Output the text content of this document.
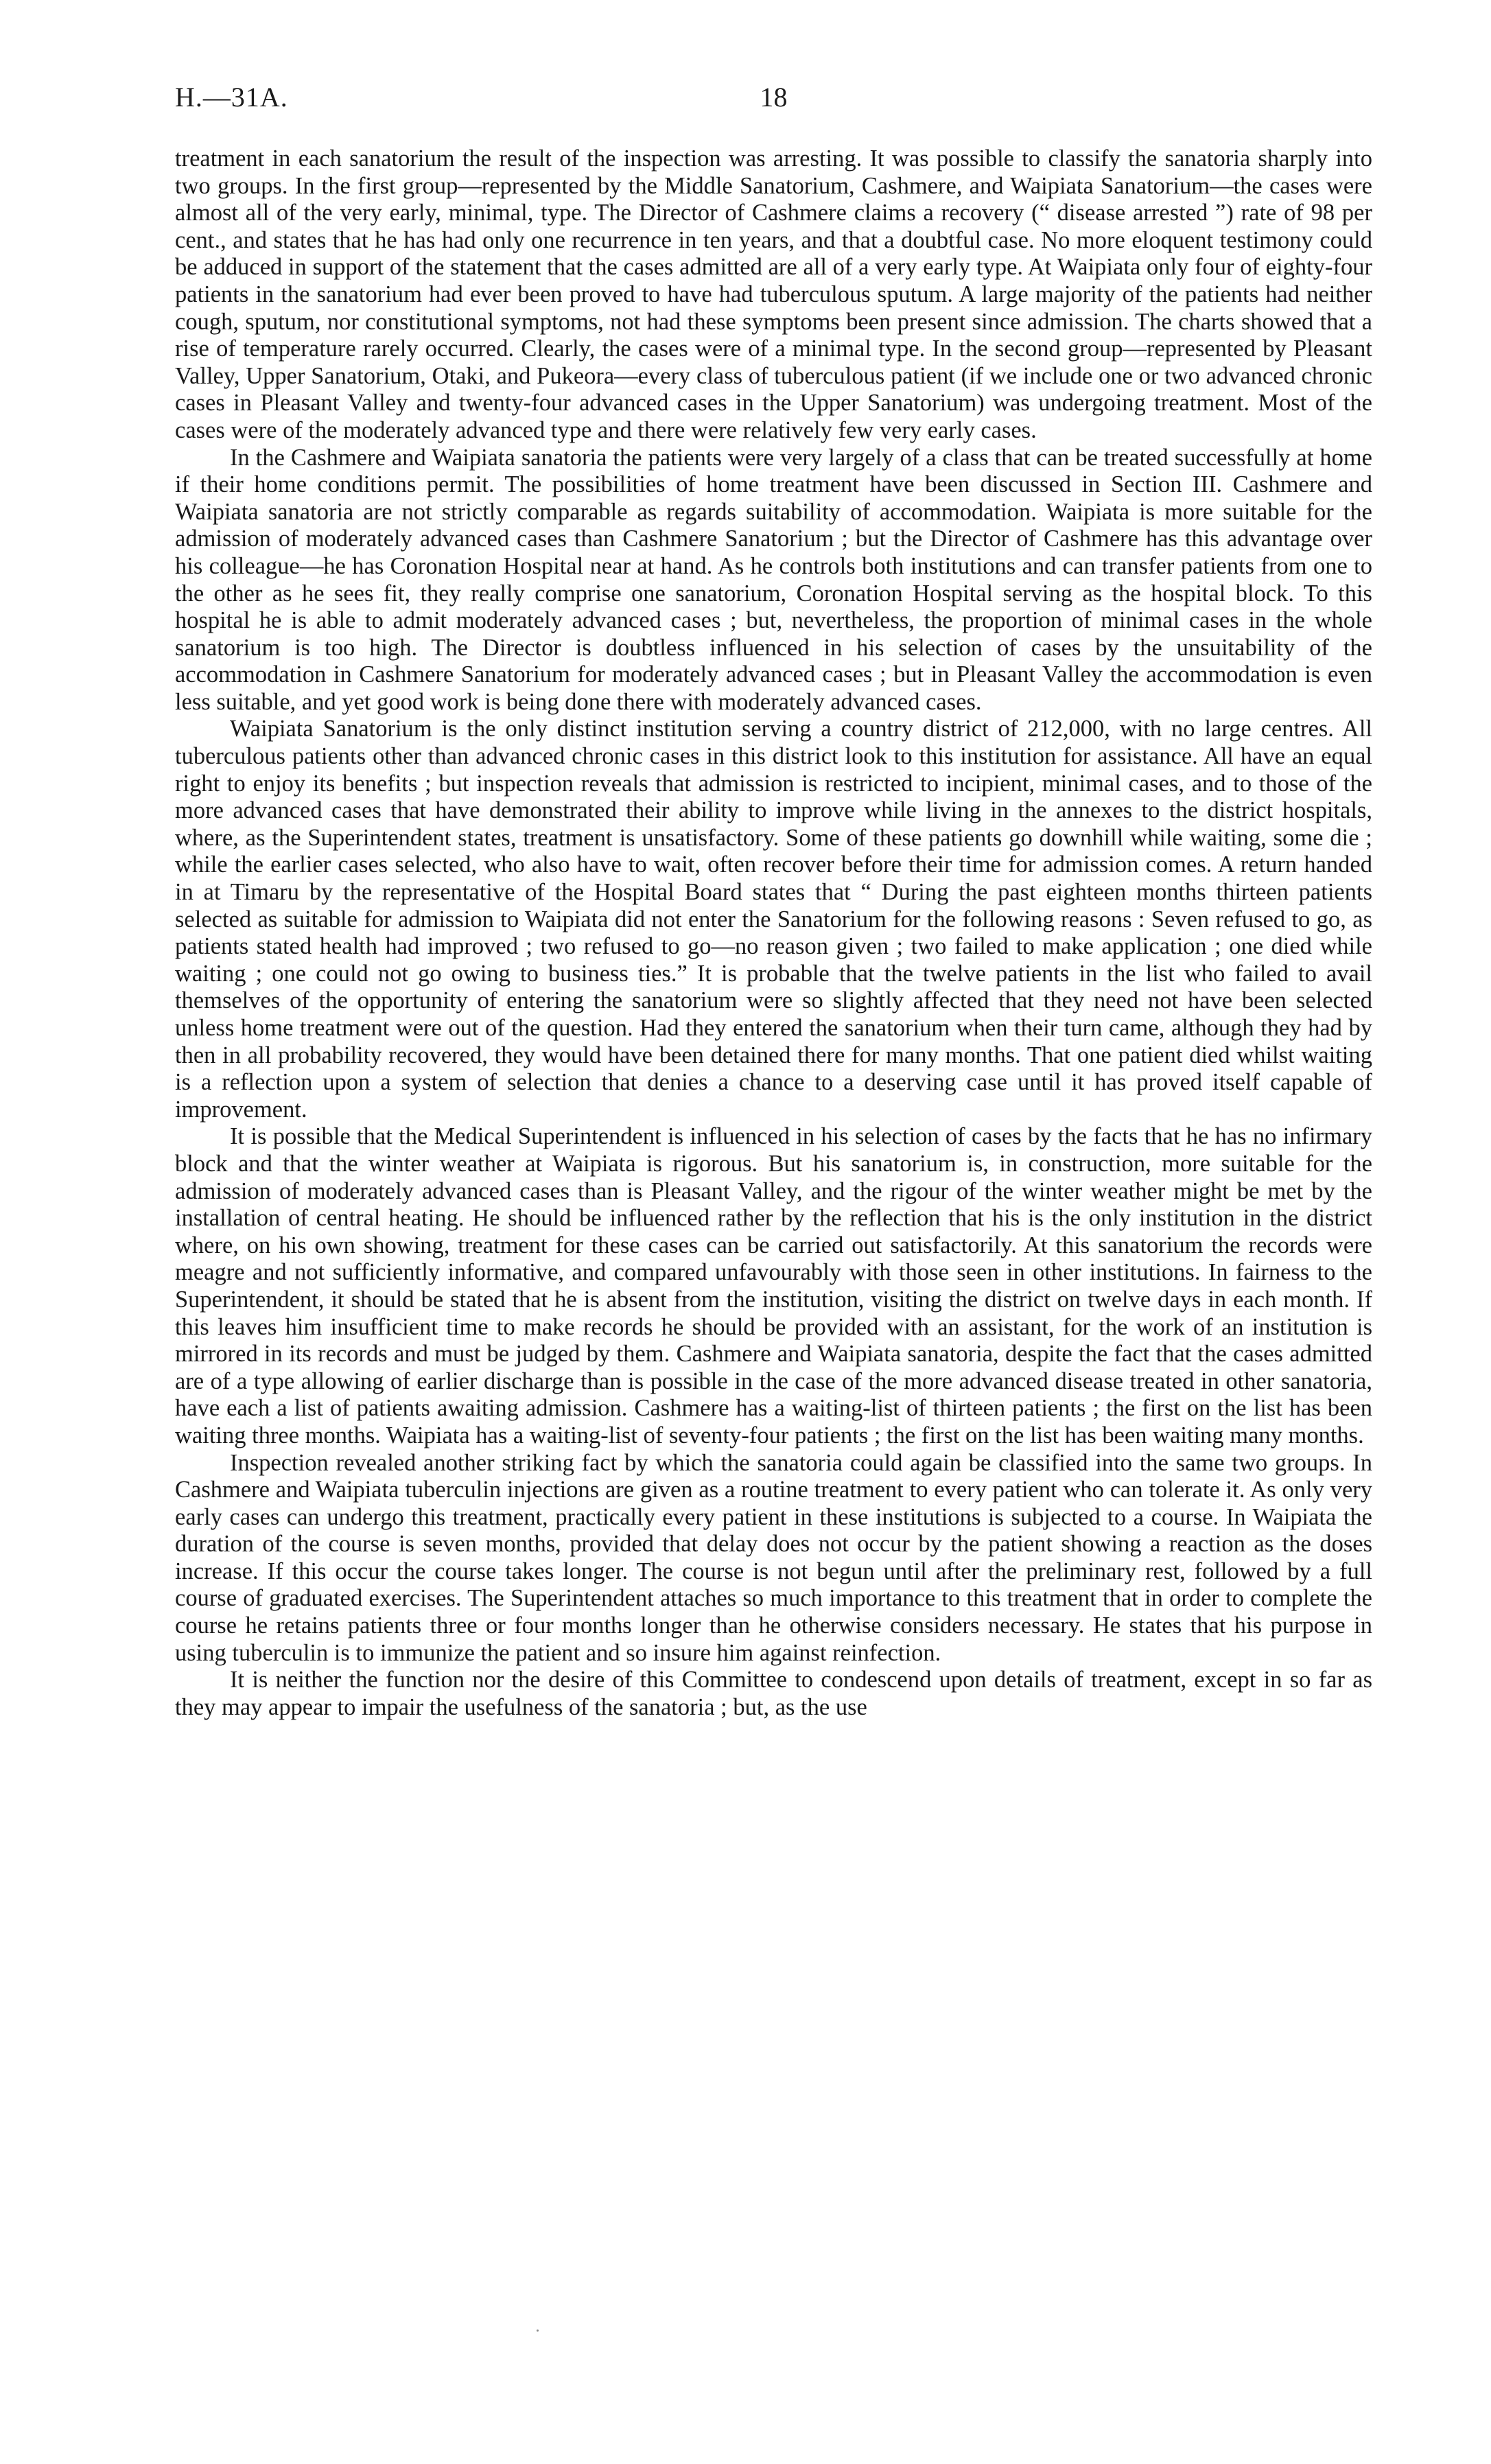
H.—31A.	18

treatment in each sanatorium the result of the inspection was arresting. It was possible to classify the sanatoria sharply into two groups. In the first group—represented by the Middle Sanatorium, Cashmere, and Waipiata Sanatorium—the cases were almost all of the very early, minimal, type. The Director of Cashmere claims a recovery (“ disease arrested ”) rate of 98 per cent., and states that he has had only one recurrence in ten years, and that a doubtful case. No more eloquent testimony could be adduced in support of the statement that the cases admitted are all of a very early type. At Waipiata only four of eighty-four patients in the sanatorium had ever been proved to have had tuberculous sputum. A large majority of the patients had neither cough, sputum, nor constitutional symptoms, not had these symptoms been present since admission. The charts showed that a rise of temperature rarely occurred. Clearly, the cases were of a minimal type. In the second group—represented by Pleasant Valley, Upper Sanatorium, Otaki, and Pukeora—every class of tuberculous patient (if we include one or two advanced chronic cases in Pleasant Valley and twenty-four advanced cases in the Upper Sanatorium) was undergoing treatment. Most of the cases were of the moderately advanced type and there were relatively few very early cases.

In the Cashmere and Waipiata sanatoria the patients were very largely of a class that can be treated successfully at home if their home conditions permit. The possibilities of home treatment have been discussed in Section III. Cashmere and Waipiata sanatoria are not strictly comparable as regards suitability of accommodation. Waipiata is more suitable for the admission of moderately advanced cases than Cashmere Sanatorium ; but the Director of Cashmere has this advantage over his colleague—he has Coronation Hospital near at hand. As he controls both institutions and can transfer patients from one to the other as he sees fit, they really comprise one sanatorium, Coronation Hospital serving as the hospital block. To this hospital he is able to admit moderately advanced cases ; but, nevertheless, the proportion of minimal cases in the whole sanatorium is too high. The Director is doubtless influenced in his selection of cases by the unsuitability of the accommodation in Cashmere Sanatorium for moderately advanced cases ; but in Pleasant Valley the accommodation is even less suitable, and yet good work is being done there with moderately advanced cases.

Waipiata Sanatorium is the only distinct institution serving a country district of 212,000, with no large centres. All tuberculous patients other than advanced chronic cases in this district look to this institution for assistance. All have an equal right to enjoy its benefits ; but inspection reveals that admission is restricted to incipient, minimal cases, and to those of the more advanced cases that have demonstrated their ability to improve while living in the annexes to the district hospitals, where, as the Superintendent states, treatment is unsatisfactory. Some of these patients go downhill while waiting, some die ; while the earlier cases selected, who also have to wait, often recover before their time for admission comes. A return handed in at Timaru by the representative of the Hospital Board states that “ During the past eighteen months thirteen patients selected as suitable for admission to Waipiata did not enter the Sanatorium for the following reasons : Seven refused to go, as patients stated health had improved ; two refused to go—no reason given ; two failed to make application ; one died while waiting ; one could not go owing to business ties.” It is probable that the twelve patients in the list who failed to avail themselves of the opportunity of entering the sanatorium were so slightly affected that they need not have been selected unless home treatment were out of the question. Had they entered the sanatorium when their turn came, although they had by then in all probability recovered, they would have been detained there for many months. That one patient died whilst waiting is a reflection upon a system of selection that denies a chance to a deserving case until it has proved itself capable of improvement.

It is possible that the Medical Superintendent is influenced in his selection of cases by the facts that he has no infirmary block and that the winter weather at Waipiata is rigorous. But his sanatorium is, in construction, more suitable for the admission of moderately advanced cases than is Pleasant Valley, and the rigour of the winter weather might be met by the installation of central heating. He should be influenced rather by the reflection that his is the only institution in the district where, on his own showing, treatment for these cases can be carried out satisfactorily. At this sanatorium the records were meagre and not sufficiently informative, and compared unfavourably with those seen in other institutions. In fairness to the Superintendent, it should be stated that he is absent from the institution, visiting the district on twelve days in each month. If this leaves him insufficient time to make records he should be provided with an assistant, for the work of an institution is mirrored in its records and must be judged by them. Cashmere and Waipiata sanatoria, despite the fact that the cases admitted are of a type allowing of earlier discharge than is possible in the case of the more advanced disease treated in other sanatoria, have each a list of patients awaiting admission. Cashmere has a waiting-list of thirteen patients ; the first on the list has been waiting three months. Waipiata has a waiting-list of seventy-four patients ; the first on the list has been waiting many months.

Inspection revealed another striking fact by which the sanatoria could again be classified into the same two groups. In Cashmere and Waipiata tuberculin injections are given as a routine treatment to every patient who can tolerate it. As only very early cases can undergo this treatment, practically every patient in these institutions is subjected to a course. In Waipiata the duration of the course is seven months, provided that delay does not occur by the patient showing a reaction as the doses increase. If this occur the course takes longer. The course is not begun until after the preliminary rest, followed by a full course of graduated exercises. The Superintendent attaches so much importance to this treatment that in order to complete the course he retains patients three or four months longer than he otherwise considers necessary. He states that his purpose in using tuberculin is to immunize the patient and so insure him against reinfection.

It is neither the function nor the desire of this Committee to condescend upon details of treatment, except in so far as they may appear to impair the usefulness of the sanatoria ; but, as the use
